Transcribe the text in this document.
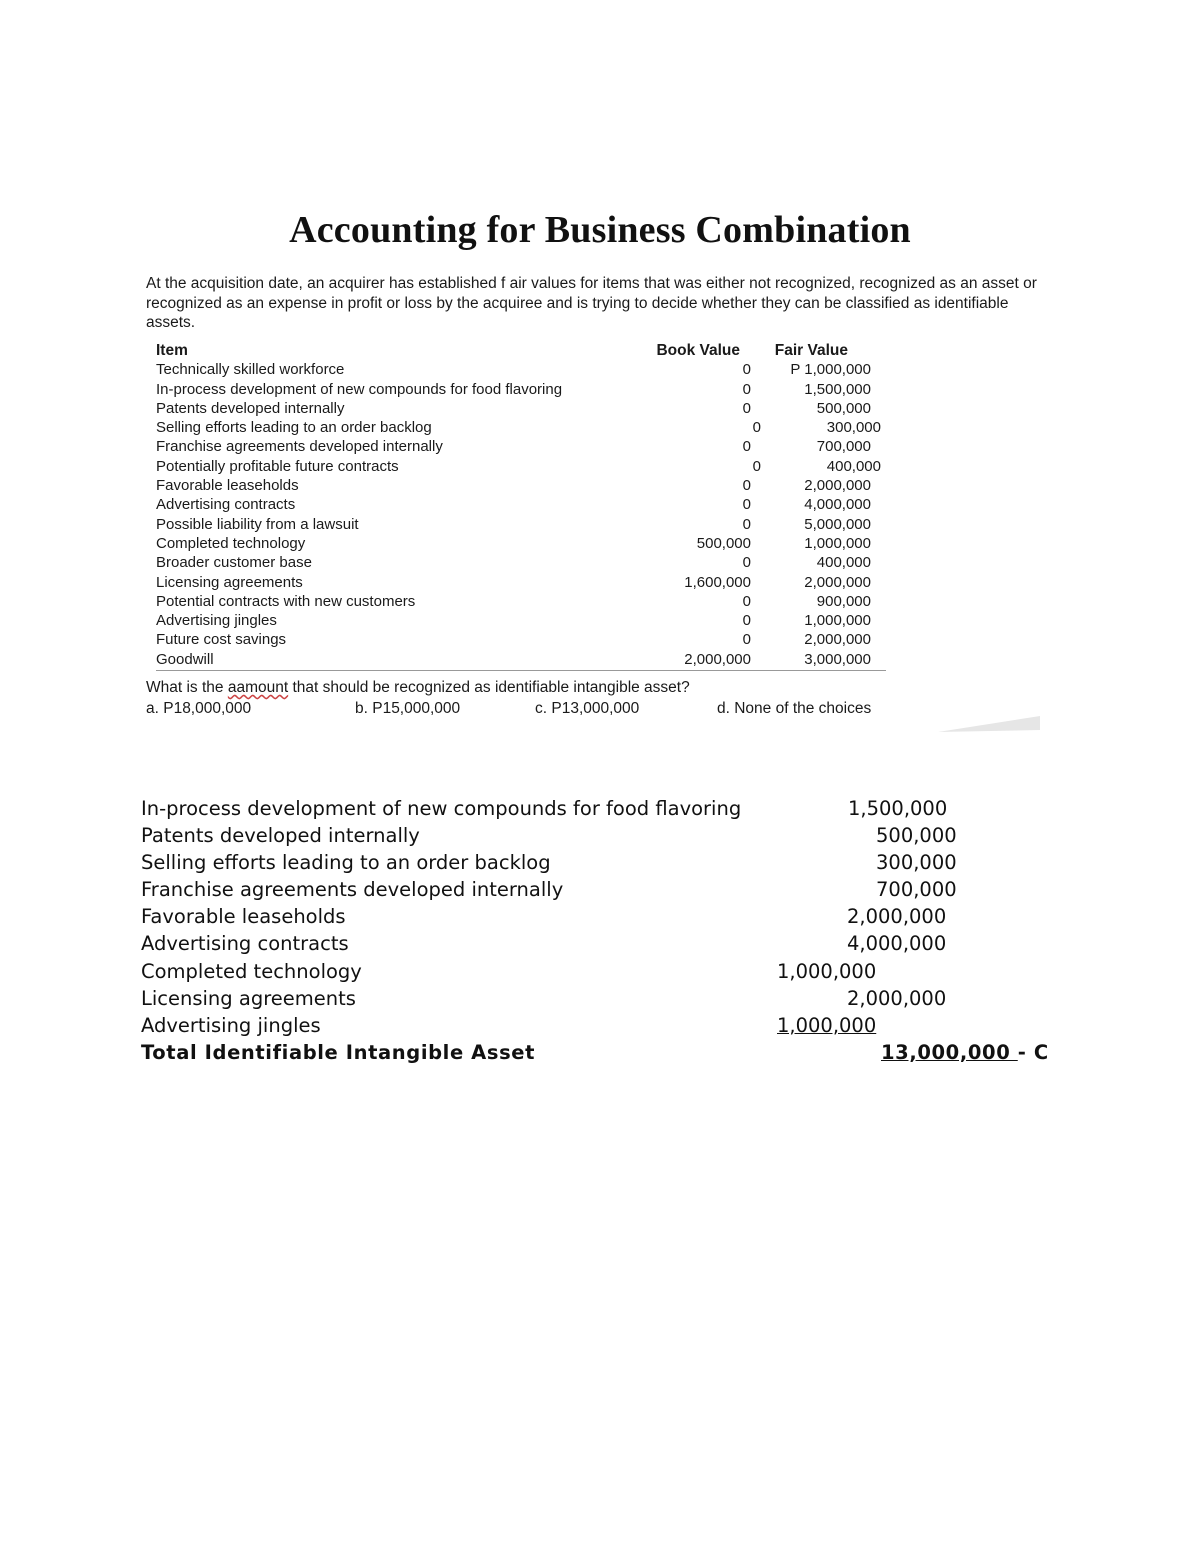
Accounting for Business Combination
At the acquisition date, an acquirer has established f air values for items that was either not recognized, recognized as an asset or recognized as an expense in profit or loss by the acquiree and is trying to decide whether they can be classified as identifiable assets.
Item	Book Value Fair Value
Technically skilled workforce	0	P 1,000,000
In-process development of new compounds for food flavoring	0	1,500,000
Patents developed internally	0	500,000
Selling efforts leading to an order backlog	0	300,000
Franchise agreements developed internally	0	700,000
Potentially profitable future contracts	0	400,000
Favorable leaseholds	0	2,000,000
Advertising contracts	0	4,000,000
Possible liability from a lawsuit	0	5,000,000
Completed technology	500,000	1,000,000
Broader customer base	0	400,000
Licensing agreements	1,600,000	2,000,000
Potential contracts with new customers	0	900,000
Advertising jingles	0	1,000,000
Future cost savings	0	2,000,000
Goodwill	2,000,000	3,000,000
What is the aamount that should be recognized as identifiable intangible asset?
a. P18,000,000	b. P15,000,000	c. P13,000,000	d. None of the choices
In-process development of new compounds for food flavoring	1,500,000
Patents developed internally	500,000
Selling efforts leading to an order backlog	300,000
Franchise agreements developed internally	700,000
Favorable leaseholds	2,000,000
Advertising contracts	4,000,000
Completed technology	1,000,000
Licensing agreements	2,000,000
Advertising jingles	1,000,000
Total Identifiable Intangible Asset	13,000,000 - C
